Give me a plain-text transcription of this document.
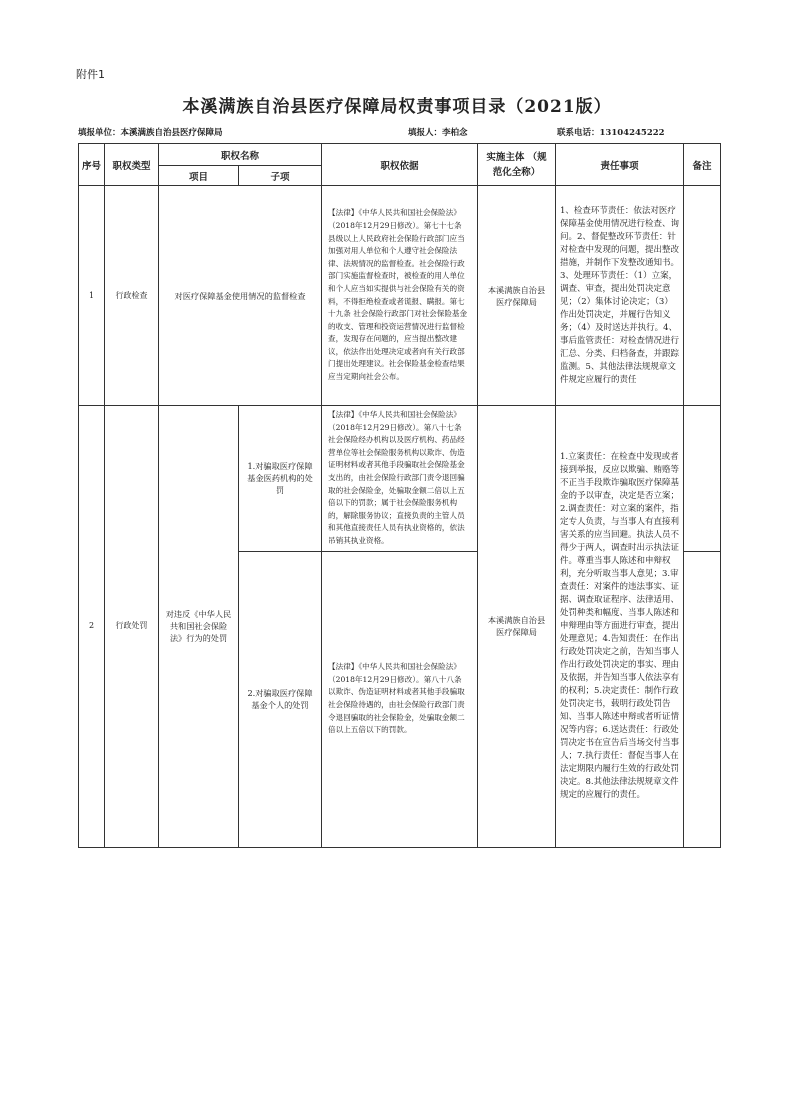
附件1
本溪满族自治县医疗保障局权责事项目录（2021版）
填报单位：本溪满族自治县医疗保障局	填报人：李柏念	联系电话：13104245222
序号	职权类型	职权名称		职权依据	实施主体 （规范化全称）	责任事项	备注
		项目	子项				
1	行政检查	对医疗保障基金使用情况的监督检查		【法律】《中华人民共和国社会保险法》（2018年12月29日修改）。第七十七条 县级以上人民政府社会保险行政部门应当加强对用人单位和个人遵守社会保险法律、法规情况的监督检查。社会保险行政部门实施监督检查时，被检查的用人单位和个人应当如实提供与社会保险有关的资料，不得拒绝检查或者谎报、瞒报。第七十九条 社会保险行政部门对社会保险基金的收支、管理和投资运营情况进行监督检查，发现存在问题的，应当提出整改建议，依法作出处理决定或者向有关行政部门提出处理建议。社会保险基金检查结果应当定期向社会公布。	本溪满族自治县医疗保障局	1、检查环节责任：依法对医疗保障基金使用情况进行检查、询问。2、督促整改环节责任：针对检查中发现的问题，提出整改措施，并制作下发整改通知书。3、处理环节责任：（1）立案，调查、审查，提出处罚决定意见；（2）集体讨论决定；（3）作出处罚决定，并履行告知义务；（4）及时送达并执行。4、事后监管责任：对检查情况进行汇总、分类、归档备查，并跟踪监测。5、其他法律法规规章文件规定应履行的责任	
2	行政处罚	对违反《中华人民共和国社会保险法》行为的处罚	1.对骗取医疗保障基金医药机构的处罚	【法律】《中华人民共和国社会保险法》（2018年12月29日修改）。第八十七条 社会保险经办机构以及医疗机构、药品经营单位等社会保险服务机构以欺诈、伪造证明材料或者其他手段骗取社会保险基金支出的，由社会保险行政部门责令退回骗取的社会保险金，处骗取金额二倍以上五倍以下的罚款；属于社会保险服务机构的，解除服务协议；直接负责的主管人员和其他直接责任人员有执业资格的，依法吊销其执业资格。	本溪满族自治县医疗保障局	1.立案责任：在检查中发现或者接到举报，反应以欺骗、贿赂等不正当手段欺诈骗取医疗保障基金的予以审查，决定是否立案；2.调查责任：对立案的案件，指定专人负责，与当事人有直接利害关系的应当回避。执法人员不得少于两人，调查时出示执法证件。尊重当事人陈述和申辩权利，充分听取当事人意见；3.审查责任：对案件的违法事实、证据、调查取证程序、法律适用、处罚种类和幅度、当事人陈述和申辩理由等方面进行审查，提出处理意见；4.告知责任：在作出行政处罚决定之前，告知当事人作出行政处罚决定的事实、理由及依据，并告知当事人依法享有的权利；5.决定责任：制作行政处罚决定书，载明行政处罚告知、当事人陈述申辩或者听证情况等内容；6.送达责任：行政处罚决定书在宣告后当场交付当事人；7.执行责任：督促当事人在法定期限内履行生效的行政处罚决定。8.其他法律法规规章文件规定的应履行的责任。	
			2.对骗取医疗保障基金个人的处罚	【法律】《中华人民共和国社会保险法》（2018年12月29日修改）。第八十八条 以欺诈、伪造证明材料或者其他手段骗取社会保险待遇的，由社会保险行政部门责令退回骗取的社会保险金，处骗取金额二倍以上五倍以下的罚款。			
